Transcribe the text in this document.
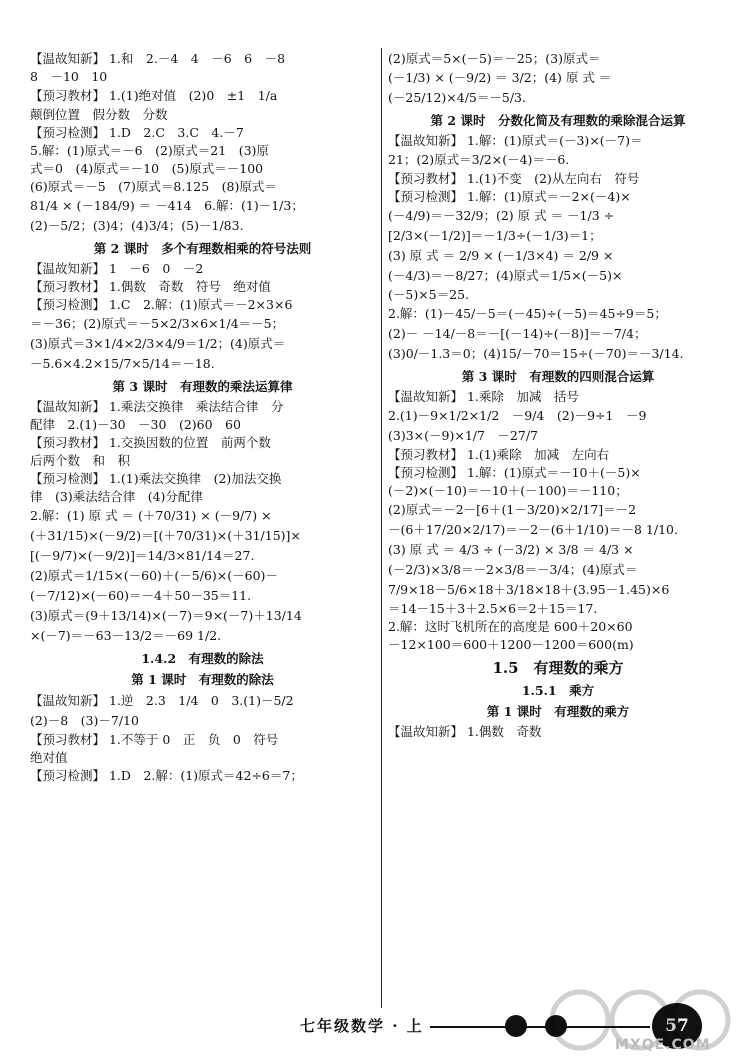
【温故知新】 1.和　2.－4　4　－6　6　－8
8　－10　10
【预习教材】 1.(1)绝对值　(2)0　±1　1/a
颠倒位置　假分数　分数
【预习检测】 1.D　2.C　3.C　4.－7
5.解：(1)原式＝－6　(2)原式＝21　(3)原
式＝0　(4)原式＝－10　(5)原式＝－100
(6)原式＝－5　(7)原式＝8.125　(8)原式＝
81/4 × (－184/9) ＝ －414　6.解：(1)－1/3；
(2)－5/2；(3)4；(4)3/4；(5)－1/83.
第 2 课时　多个有理数相乘的符号法则
【温故知新】 1　－6　0　－2
【预习教材】 1.偶数　奇数　符号　绝对值
【预习检测】 1.C　2.解：(1)原式＝－2×3×6
＝－36；(2)原式＝－5×2/3×6×1/4＝－5；
(3)原式＝3×1/4×2/3×4/9＝1/2；(4)原式＝
－5.6×4.2×15/7×5/14＝－18.
第 3 课时　有理数的乘法运算律
【温故知新】 1.乘法交换律　乘法结合律　分
配律　2.(1)－30　－30　(2)60　60
【预习教材】 1.交换因数的位置　前两个数
后两个数　和　积
【预习检测】 1.(1)乘法交换律　(2)加法交换
律　(3)乘法结合律　(4)分配律
2.解：(1) 原 式 ＝ (＋70/31) × (－9/7) ×
(＋31/15)×(－9/2)＝[(＋70/31)×(＋31/15)]×
[(－9/7)×(－9/2)]＝14/3×81/14＝27.
(2)原式＝1/15×(－60)＋(－5/6)×(－60)－
(－7/12)×(－60)＝－4＋50－35＝11.
(3)原式＝(9＋13/14)×(－7)＝9×(－7)＋13/14
×(－7)＝－63－13/2＝－69 1/2.
1.4.2　有理数的除法
第 1 课时　有理数的除法
【温故知新】 1.逆　2.3　1/4　0　3.(1)－5/2
(2)－8　(3)－7/10
【预习教材】 1.不等于 0　正　负　0　符号
绝对值
【预习检测】 1.D　2.解：(1)原式＝42÷6＝7；
(2)原式＝5×(－5)＝－25；(3)原式＝
(－1/3) × (－9/2) ＝ 3/2；(4) 原 式 ＝
(－25/12)×4/5＝－5/3.
第 2 课时　分数化简及有理数的乘除混合运算
【温故知新】 1.解：(1)原式＝(－3)×(－7)＝
21；(2)原式＝3/2×(－4)＝－6.
【预习教材】 1.(1)不变　(2)从左向右　符号
【预习检测】 1.解：(1)原式＝－2×(－4)×
(－4/9)＝－32/9；(2) 原 式 ＝ －1/3 ÷
[2/3×(－1/2)]＝－1/3÷(－1/3)＝1；
(3) 原 式 ＝ 2/9 × (－1/3×4) ＝ 2/9 ×
(－4/3)＝－8/27；(4)原式＝1/5×(－5)×
(－5)×5＝25.
2.解：(1)－45/－5＝(－45)÷(－5)＝45÷9＝5；
(2)－ －14/－8＝－[(－14)÷(－8)]＝－7/4；
(3)0/－1.3＝0；(4)15/－70＝15÷(－70)＝－3/14.
第 3 课时　有理数的四则混合运算
【温故知新】 1.乘除　加减　括号
2.(1)－9×1/2×1/2　－9/4　(2)－9÷1　－9
(3)3×(－9)×1/7　－27/7
【预习教材】 1.(1)乘除　加减　左向右
【预习检测】 1.解：(1)原式＝－10＋(－5)×
(－2)×(－10)＝－10＋(－100)＝－110；
(2)原式＝－2－[6＋(1－3/20)×2/17]＝－2
－(6＋17/20×2/17)＝－2－(6＋1/10)＝－8 1/10.
(3) 原 式 ＝ 4/3 ÷ (－3/2) × 3/8 ＝ 4/3 ×
(－2/3)×3/8＝－2×3/8＝－3/4；(4)原式＝
7/9×18－5/6×18＋3/18×18＋(3.95－1.45)×6
＝14－15＋3＋2.5×6＝2＋15＝17.
2.解：这时飞机所在的高度是 600＋20×60
－12×100＝600＋1200－1200＝600(m)
1.5　有理数的乘方
1.5.1　乘方
第 1 课时　有理数的乘方
【温故知新】 1.偶数　奇数
七年级数学 · 上	57
MXQE.COM
